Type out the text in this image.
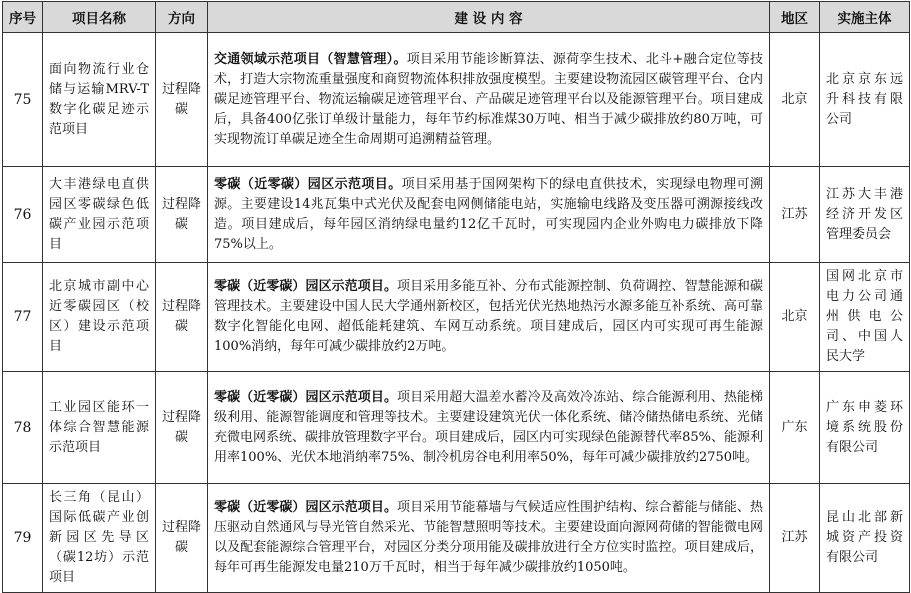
序号	项目名称	方向	建 设 内 容	地区	实施主体
75	面向物流行业仓储与运输MRV-T数字化碳足迹示范项目	过程降碳	交通领域示范项目（智慧管理）。项目采用节能诊断算法、源荷孪生技术、北斗+融合定位等技术，打造大宗物流重量强度和商贸物流体积排放强度模型。主要建设物流园区碳管理平台、仓内碳足迹管理平台、物流运输碳足迹管理平台、产品碳足迹管理平台以及能源管理平台。项目建成后，具备400亿张订单级计量能力，每年节约标准煤30万吨、相当于减少碳排放约80万吨，可实现物流订单碳足迹全生命周期可追溯精益管理。	北京	北京京东远升科技有限公司
76	大丰港绿电直供园区零碳绿色低碳产业园示范项目	过程降碳	零碳（近零碳）园区示范项目。项目采用基于国网架构下的绿电直供技术，实现绿电物理可溯源。主要建设14兆瓦集中式光伏及配套电网侧储能电站，实施输电线路及变压器可溯源接线改造。项目建成后，每年园区消纳绿电量约12亿千瓦时，可实现园内企业外购电力碳排放下降75%以上。	江苏	江苏大丰港经济开发区管理委员会
77	北京城市副中心近零碳园区（校区）建设示范项目	过程降碳	零碳（近零碳）园区示范项目。项目采用多能互补、分布式能源控制、负荷调控、智慧能源和碳管理技术。主要建设中国人民大学通州新校区，包括光伏光热地热污水源多能互补系统、高可靠数字化智能化电网、超低能耗建筑、车网互动系统。项目建成后，园区内可实现可再生能源100%消纳，每年可减少碳排放约2万吨。	北京	国网北京市电力公司通州供电公司、中国人民大学
78	工业园区能环一体综合智慧能源示范项目	过程降碳	零碳（近零碳）园区示范项目。项目采用超大温差水蓄冷及高效冷冻站、综合能源利用、热能梯级利用、能源智能调度和管理等技术。主要建设建筑光伏一体化系统、储冷储热储电系统、光储充微电网系统、碳排放管理数字平台。项目建成后，园区内可实现绿色能源替代率85%、能源利用率100%、光伏本地消纳率75%、制冷机房谷电利用率50%，每年可减少碳排放约2750吨。	广东	广东申菱环境系统股份有限公司
79	长三角（昆山）国际低碳产业创新园区先导区（碳12坊）示范项目	过程降碳	零碳（近零碳）园区示范项目。项目采用节能幕墙与气候适应性围护结构、综合蓄能与储能、热压驱动自然通风与导光管自然采光、节能智慧照明等技术。主要建设面向源网荷储的智能微电网以及配套能源综合管理平台，对园区分类分项用能及碳排放进行全方位实时监控。项目建成后，每年可再生能源发电量210万千瓦时，相当于每年减少碳排放约1050吨。	江苏	昆山北部新城资产投资有限公司
